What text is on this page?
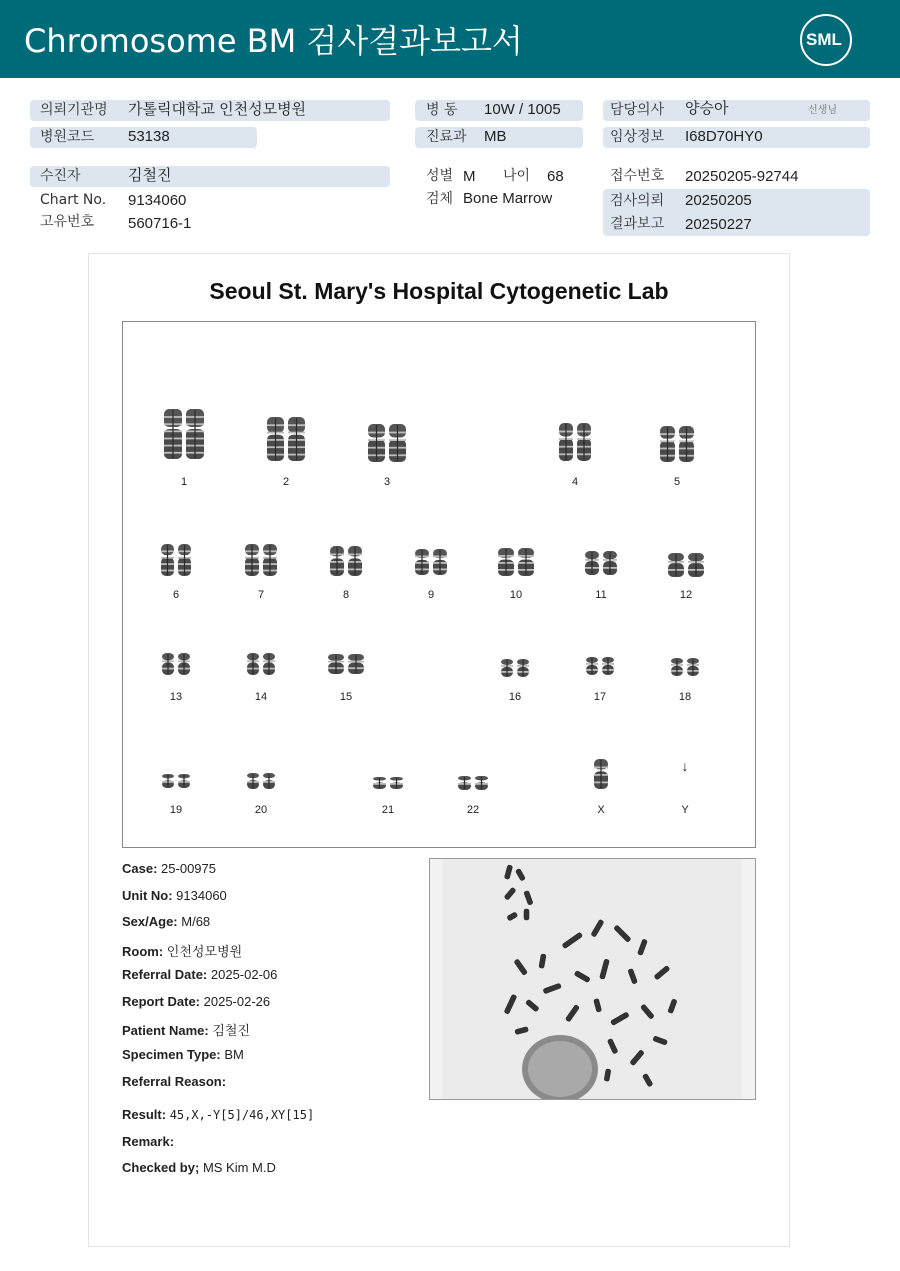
Chromosome BM 검사결과보고서	SML
의뢰기관명 가톨릭대학교 인천성모병원
병원코드 53138
수진자	김철진
Chart No. 9134060
고유번호 560716-1
병 동 10W / 1005
진료과 MB
성별 M 나이 68
검체 Bone Marrow
담당의사 양승아	선생님
임상정보 I68D70HY0
접수번호 20250205-92744
검사의뢰 20250205
결과보고 20250227
Seoul St. Mary's Hospital Cytogenetic Lab
1	2	3	4	5
6	7	8	9	10	11	12
13	14	15	16	17	18
19	20	21	22	X
↓
Y
Case: 25-00975
Unit No: 9134060
Sex/Age: M/68
Room: 인천성모병원
Referral Date: 2025-02-06
Report Date: 2025-02-26
Patient Name: 김철진
Specimen Type: BM
Referral Reason:
Result: 45,X,-Y[5]/46,XY[15]
Remark:
Checked by; MS Kim M.D
